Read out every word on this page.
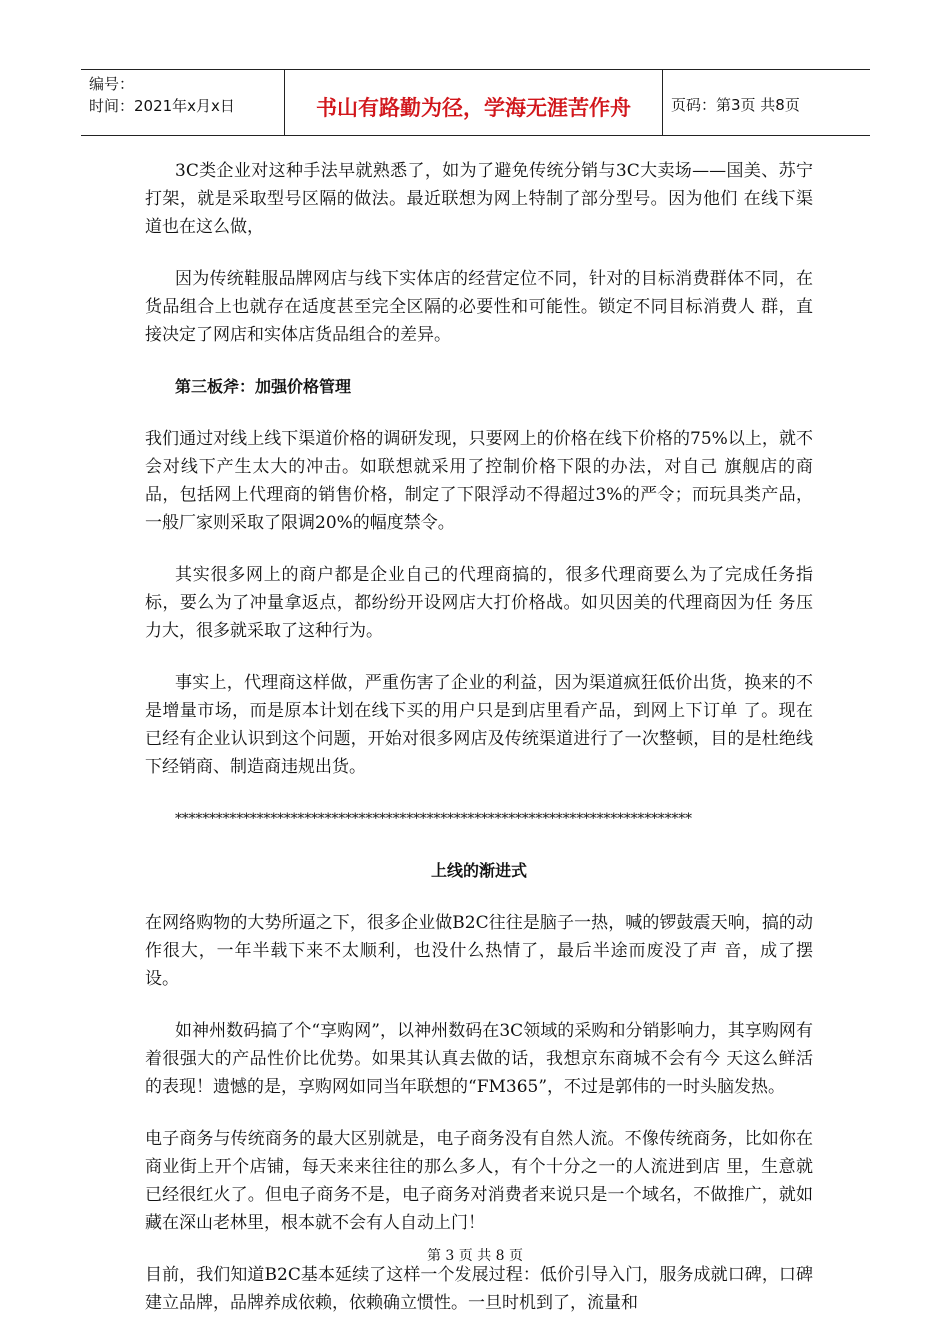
编号：
时间：2021年x月x日	书山有路勤为径，学海无涯苦作舟	页码：第3页 共8页

3C类企业对这种手法早就熟悉了，如为了避免传统分销与3C大卖场——国美、苏宁打架，就是采取型号区隔的做法。最近联想为网上特制了部分型号。因为他们 在线下渠道也在这么做，

因为传统鞋服品牌网店与线下实体店的经营定位不同，针对的目标消费群体不同，在货品组合上也就存在适度甚至完全区隔的必要性和可能性。锁定不同目标消费人 群，直接决定了网店和实体店货品组合的差异。

第三板斧：加强价格管理

我们通过对线上线下渠道价格的调研发现，只要网上的价格在线下价格的75%以上，就不会对线下产生太大的冲击。如联想就采用了控制价格下限的办法，对自己 旗舰店的商品，包括网上代理商的销售价格，制定了下限浮动不得超过3%的严令；而玩具类产品，一般厂家则采取了限调20%的幅度禁令。

其实很多网上的商户都是企业自己的代理商搞的，很多代理商要么为了完成任务指标，要么为了冲量拿返点，都纷纷开设网店大打价格战。如贝因美的代理商因为任 务压力大，很多就采取了这种行为。

事实上，代理商这样做，严重伤害了企业的利益，因为渠道疯狂低价出货，换来的不是增量市场，而是原本计划在线下买的用户只是到店里看产品，到网上下订单 了。现在已经有企业认识到这个问题，开始对很多网店及传统渠道进行了一次整顿，目的是杜绝线下经销商、制造商违规出货。

****************************************************************************

上线的渐进式

在网络购物的大势所逼之下，很多企业做B2C往往是脑子一热，喊的锣鼓震天响，搞的动作很大，一年半载下来不太顺利，也没什么热情了，最后半途而废没了声 音，成了摆设。

如神州数码搞了个“享购网”，以神州数码在3C领域的采购和分销影响力，其享购网有着很强大的产品性价比优势。如果其认真去做的话，我想京东商城不会有今 天这么鲜活的表现！遗憾的是，享购网如同当年联想的“FM365”，不过是郭伟的一时头脑发热。

电子商务与传统商务的最大区别就是，电子商务没有自然人流。不像传统商务，比如你在商业街上开个店铺，每天来来往往的那么多人，有个十分之一的人流进到店 里，生意就已经很红火了。但电子商务不是，电子商务对消费者来说只是一个域名，不做推广，就如藏在深山老林里，根本就不会有人自动上门！

目前，我们知道B2C基本延续了这样一个发展过程：低价引导入门，服务成就口碑，口碑建立品牌，品牌养成依赖，依赖确立惯性。一旦时机到了，流量和

第 3 页 共 8 页
